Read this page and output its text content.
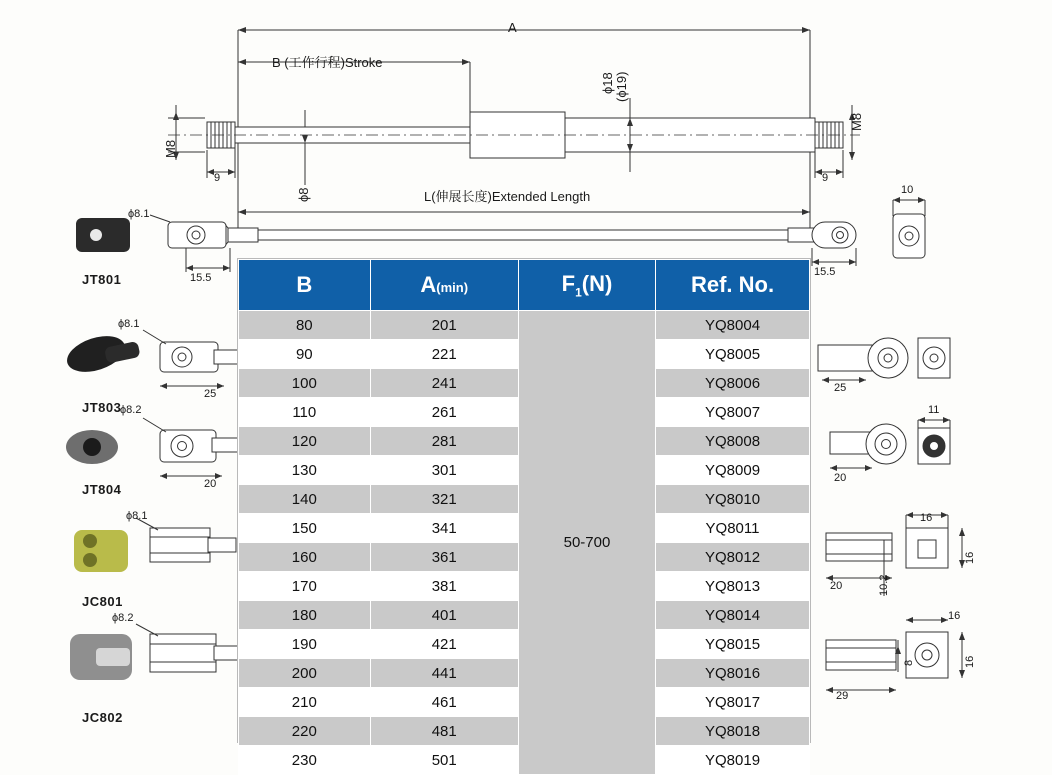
A
B (工作行程)Stroke
L(伸展长度)Extended Length
M8
M8
9	9
ϕ8
ϕ18 (ϕ19)
15.5	15.5
10
25	25
11
20	20
16
16
20	10.2
16
16
29
8
ϕ8.1
JT801
ϕ8.1
JT803
ϕ8.2
JT804
ϕ8.1
JC801
ϕ8.2
JC802
B	A(min)	$F_1(N)$	Ref. No.
80	201	50-700	YQ8004
90	221		YQ8005
100	241		YQ8006
110	261		YQ8007
120	281		YQ8008
130	301		YQ8009
140	321		YQ8010
150	341		YQ8011
160	361		YQ8012
170	381		YQ8013
180	401		YQ8014
190	421		YQ8015
200	441		YQ8016
210	461		YQ8017
220	481		YQ8018
230	501		YQ8019
